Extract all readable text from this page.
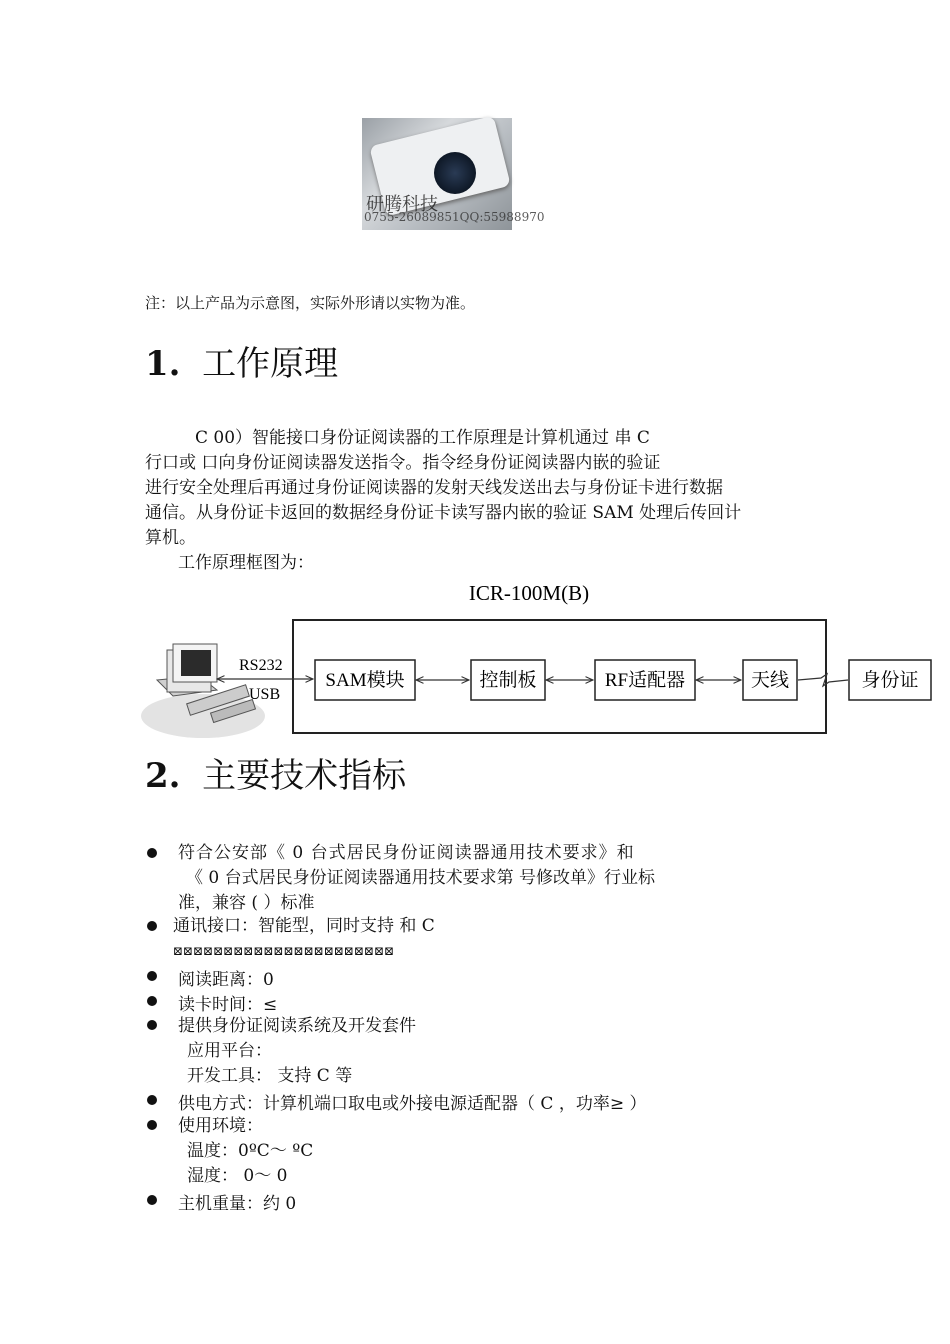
研腾科技
0755-26089851QQ:55988970
注：以上产品为示意图，实际外形请以实物为准。
1. 工作原理
C 00）智能接口身份证阅读器的工作原理是计算机通过 串 C
行口或 口向身份证阅读器发送指令。指令经身份证阅读器内嵌的验证
进行安全处理后再通过身份证阅读器的发射天线发送出去与身份证卡进行数据
通信。从身份证卡返回的数据经身份证卡读写器内嵌的验证 SAM 处理后传回计
算机。
工作原理框图为：
ICR-100M(B)
RS232
USB
SAM模块	控制板	RF适配器	天线	身份证
2. 主要技术指标
符合公安部《 0 台式居民身份证阅读器通用技术要求》和
《 0 台式居民身份证阅读器通用技术要求第 号修改单》行业标
准，兼容 ( ）标准
通讯接口：智能型，同时支持 和 C
⊠⊠⊠⊠⊠⊠⊠⊠⊠⊠⊠⊠⊠⊠⊠⊠⊠⊠⊠⊠⊠⊠
阅读距离：0
读卡时间：≤
提供身份证阅读系统及开发套件
应用平台：
开发工具： 支持 C 等
供电方式：计算机端口取电或外接电源适配器（ C ，功率≥ ）
使用环境：
温度：0ºC～ ºC
湿度： 0～ 0
主机重量：约 0
